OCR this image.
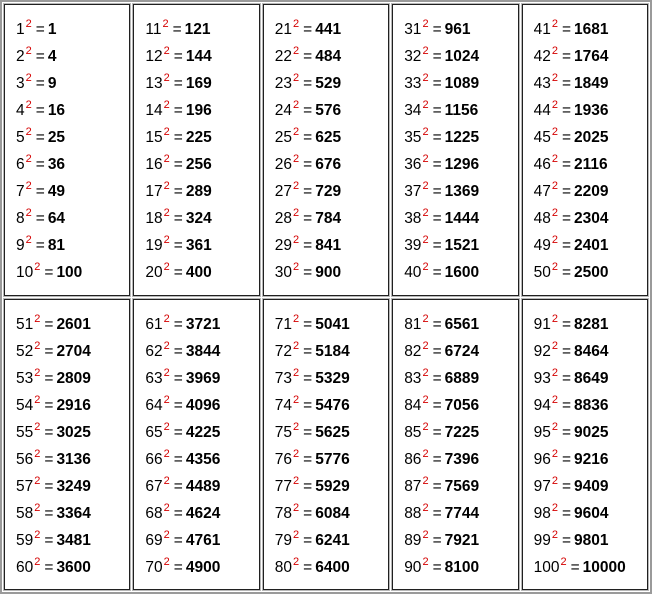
$1^2 = 1$
$2^2 = 4$
$3^2 = 9$
$4^2 = 16$
$5^2 = 25$
$6^2 = 36$
$7^2 = 49$
$8^2 = 64$
$9^2 = 81$
$10^2 = 100$
$11^2 = 121$
$12^2 = 144$
$13^2 = 169$
$14^2 = 196$
$15^2 = 225$
$16^2 = 256$
$17^2 = 289$
$18^2 = 324$
$19^2 = 361$
$20^2 = 400$
$21^2 = 441$
$22^2 = 484$
$23^2 = 529$
$24^2 = 576$
$25^2 = 625$
$26^2 = 676$
$27^2 = 729$
$28^2 = 784$
$29^2 = 841$
$30^2 = 900$
$31^2 = 961$
$32^2 = 1024$
$33^2 = 1089$
$34^2 = 1156$
$35^2 = 1225$
$36^2 = 1296$
$37^2 = 1369$
$38^2 = 1444$
$39^2 = 1521$
$40^2 = 1600$
$41^2 = 1681$
$42^2 = 1764$
$43^2 = 1849$
$44^2 = 1936$
$45^2 = 2025$
$46^2 = 2116$
$47^2 = 2209$
$48^2 = 2304$
$49^2 = 2401$
$50^2 = 2500$
$51^2 = 2601$
$52^2 = 2704$
$53^2 = 2809$
$54^2 = 2916$
$55^2 = 3025$
$56^2 = 3136$
$57^2 = 3249$
$58^2 = 3364$
$59^2 = 3481$
$60^2 = 3600$
$61^2 = 3721$
$62^2 = 3844$
$63^2 = 3969$
$64^2 = 4096$
$65^2 = 4225$
$66^2 = 4356$
$67^2 = 4489$
$68^2 = 4624$
$69^2 = 4761$
$70^2 = 4900$
$71^2 = 5041$
$72^2 = 5184$
$73^2 = 5329$
$74^2 = 5476$
$75^2 = 5625$
$76^2 = 5776$
$77^2 = 5929$
$78^2 = 6084$
$79^2 = 6241$
$80^2 = 6400$
$81^2 = 6561$
$82^2 = 6724$
$83^2 = 6889$
$84^2 = 7056$
$85^2 = 7225$
$86^2 = 7396$
$87^2 = 7569$
$88^2 = 7744$
$89^2 = 7921$
$90^2 = 8100$
$91^2 = 8281$
$92^2 = 8464$
$93^2 = 8649$
$94^2 = 8836$
$95^2 = 9025$
$96^2 = 9216$
$97^2 = 9409$
$98^2 = 9604$
$99^2 = 9801$
$100^2 = 10000$
